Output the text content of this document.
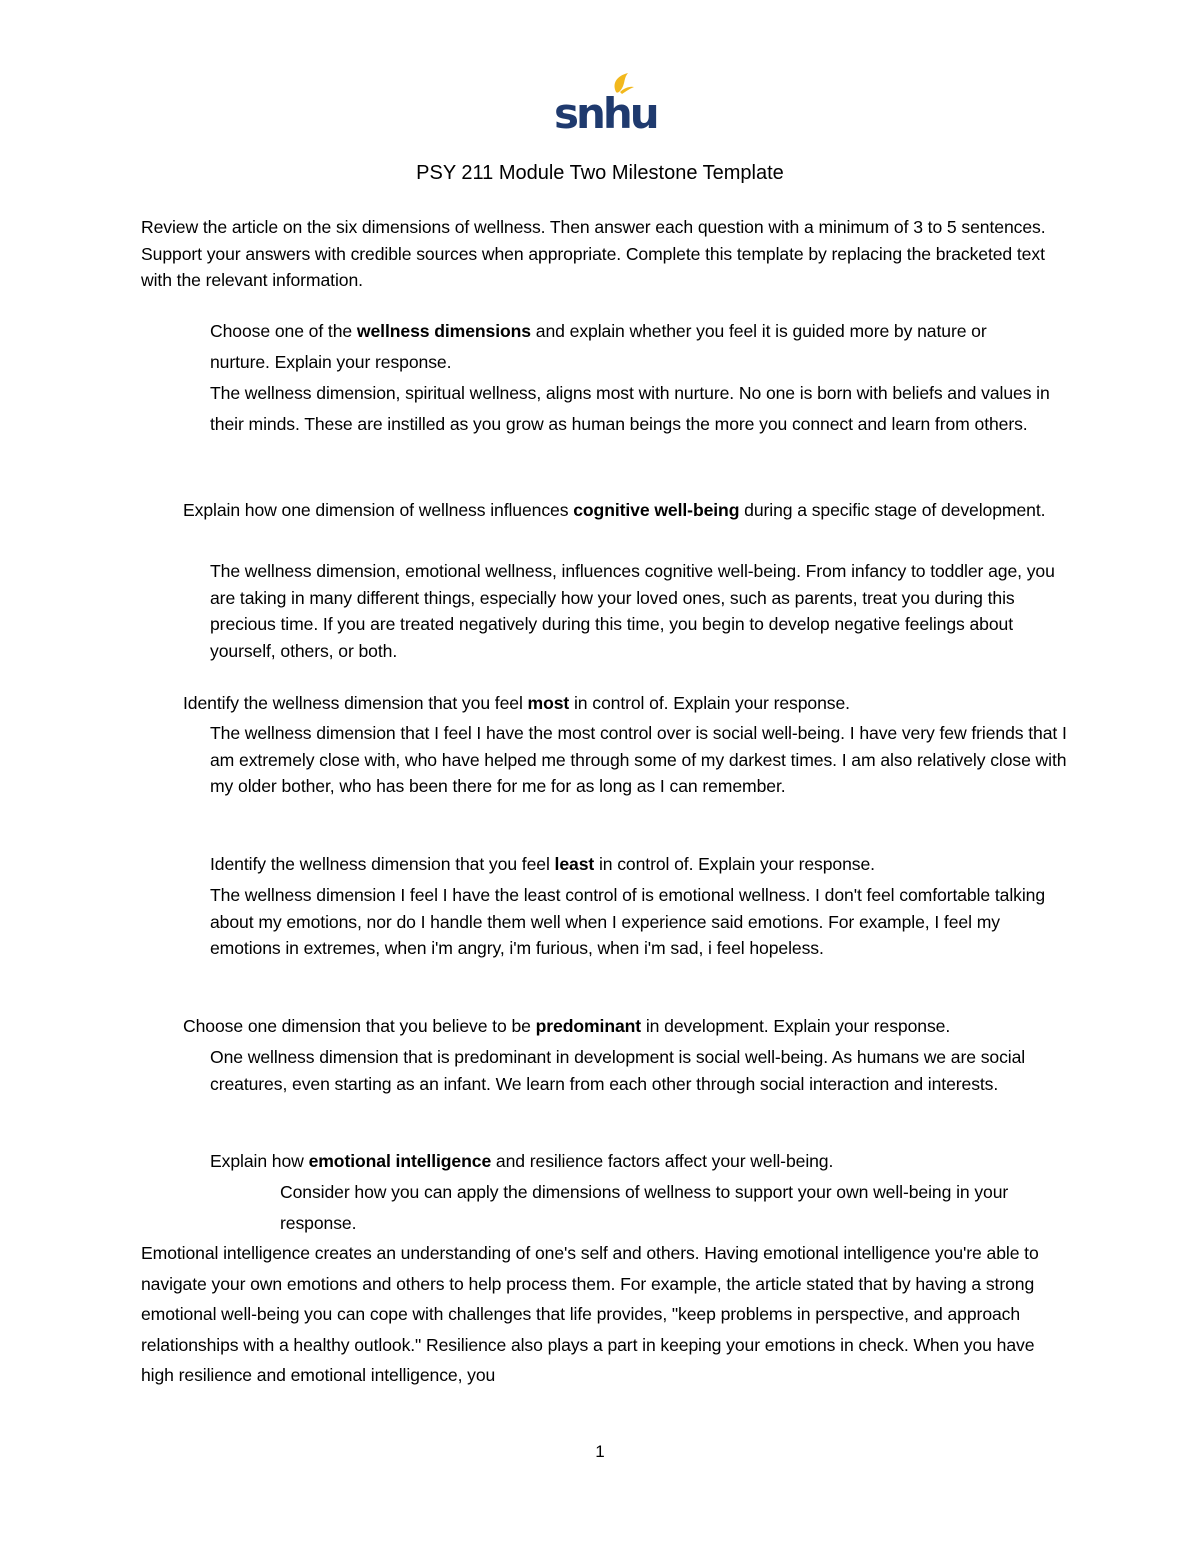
snhu
PSY 211 Module Two Milestone Template

Review the article on the six dimensions of wellness. Then answer each question with a minimum of 3 to 5 sentences. Support your answers with credible sources when appropriate. Complete this template by replacing the bracketed text with the relevant information.

Choose one of the wellness dimensions and explain whether you feel it is guided more by nature or nurture. Explain your response.

The wellness dimension, spiritual wellness, aligns most with nurture. No one is born with beliefs and values in their minds. These are instilled as you grow as human beings the more you connect and learn from others.

Explain how one dimension of wellness influences cognitive well-being during a specific stage of development.

The wellness dimension, emotional wellness, influences cognitive well-being. From infancy to toddler age, you are taking in many different things, especially how your loved ones, such as parents, treat you during this precious time. If you are treated negatively during this time, you begin to develop negative feelings about yourself, others, or both.

Identify the wellness dimension that you feel most in control of. Explain your response.

The wellness dimension that I feel I have the most control over is social well-being. I have very few friends that I am extremely close with, who have helped me through some of my darkest times. I am also relatively close with my older bother, who has been there for me for as long as I can remember.

Identify the wellness dimension that you feel least in control of. Explain your response.

The wellness dimension I feel I have the least control of is emotional wellness. I don't feel comfortable talking about my emotions, nor do I handle them well when I experience said emotions. For example, I feel my emotions in extremes, when i'm angry, i'm furious, when i'm sad, i feel hopeless.

Choose one dimension that you believe to be predominant in development. Explain your response.

One wellness dimension that is predominant in development is social well-being. As humans we are social creatures, even starting as an infant. We learn from each other through social interaction and interests.

Explain how emotional intelligence and resilience factors affect your well-being.

Consider how you can apply the dimensions of wellness to support your own well-being in your response.

Emotional intelligence creates an understanding of one's self and others. Having emotional intelligence you're able to navigate your own emotions and others to help process them. For example, the article stated that by having a strong emotional well-being you can cope with challenges that life provides, "keep problems in perspective, and approach relationships with a healthy outlook." Resilience also plays a part in keeping your emotions in check. When you have high resilience and emotional intelligence, you

1
